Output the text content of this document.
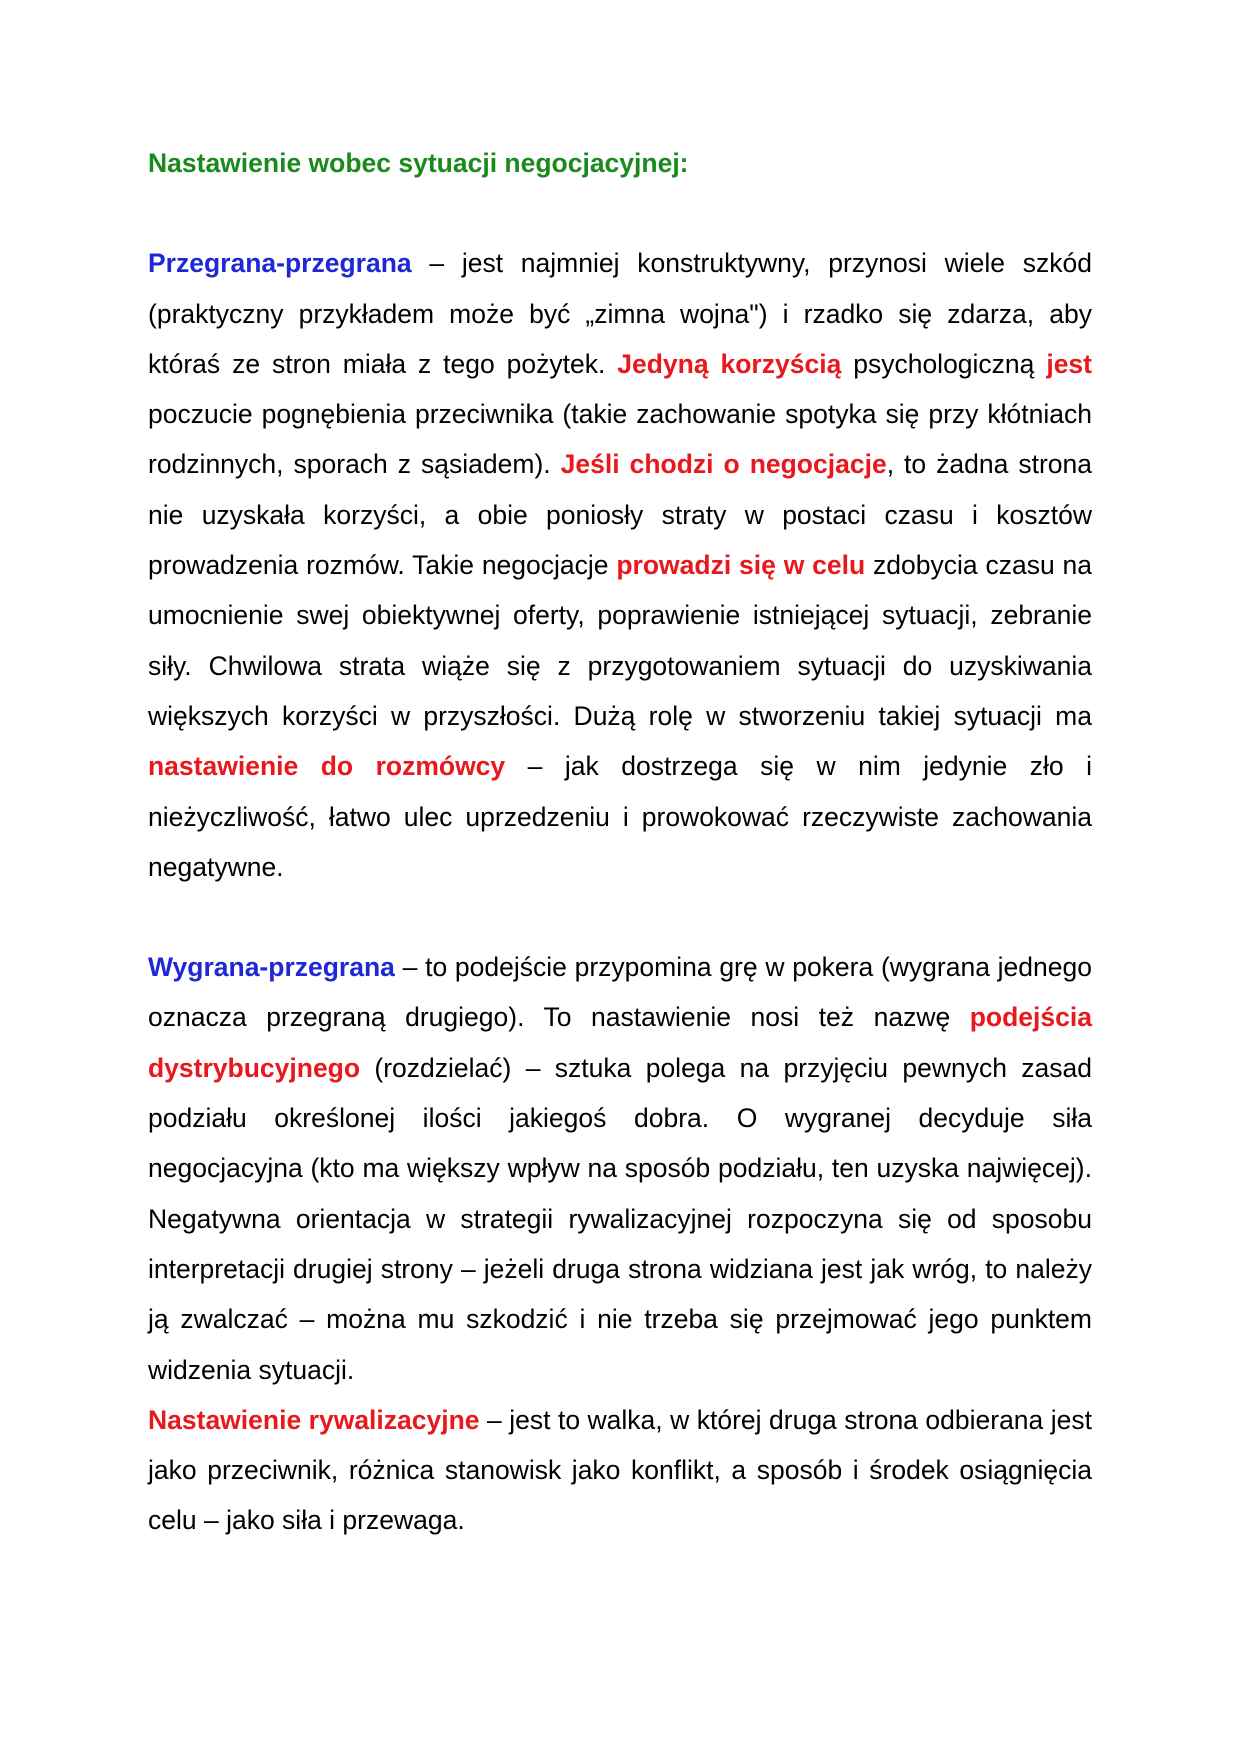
Nastawienie wobec sytuacji negocjacyjnej:

Przegrana-przegrana – jest najmniej konstruktywny, przynosi wiele szkód (praktyczny przykładem może być „zimna wojna") i rzadko się zdarza, aby któraś ze stron miała z tego pożytek. Jedyną korzyścią psychologiczną jest poczucie pognębienia przeciwnika (takie zachowanie spotyka się przy kłótniach rodzinnych, sporach z sąsiadem). Jeśli chodzi o negocjacje, to żadna strona nie uzyskała korzyści, a obie poniosły straty w postaci czasu i kosztów prowadzenia rozmów. Takie negocjacje prowadzi się w celu zdobycia czasu na umocnienie swej obiektywnej oferty, poprawienie istniejącej sytuacji, zebranie siły. Chwilowa strata wiąże się z przygotowaniem sytuacji do uzyskiwania większych korzyści w przyszłości. Dużą rolę w stworzeniu takiej sytuacji ma nastawienie do rozmówcy – jak dostrzega się w nim jedynie zło i nieżyczliwość, łatwo ulec uprzedzeniu i prowokować rzeczywiste zachowania negatywne.

Wygrana-przegrana – to podejście przypomina grę w pokera (wygrana jednego oznacza przegraną drugiego). To nastawienie nosi też nazwę podejścia dystrybucyjnego (rozdzielać) – sztuka polega na przyjęciu pewnych zasad podziału określonej ilości jakiegoś dobra. O wygranej decyduje siła negocjacyjna (kto ma większy wpływ na sposób podziału, ten uzyska najwięcej). Negatywna orientacja w strategii rywalizacyjnej rozpoczyna się od sposobu interpretacji drugiej strony – jeżeli druga strona widziana jest jak wróg, to należy ją zwalczać – można mu szkodzić i nie trzeba się przejmować jego punktem widzenia sytuacji.

Nastawienie rywalizacyjne – jest to walka, w której druga strona odbierana jest jako przeciwnik, różnica stanowisk jako konflikt, a sposób i środek osiągnięcia celu – jako siła i przewaga.
